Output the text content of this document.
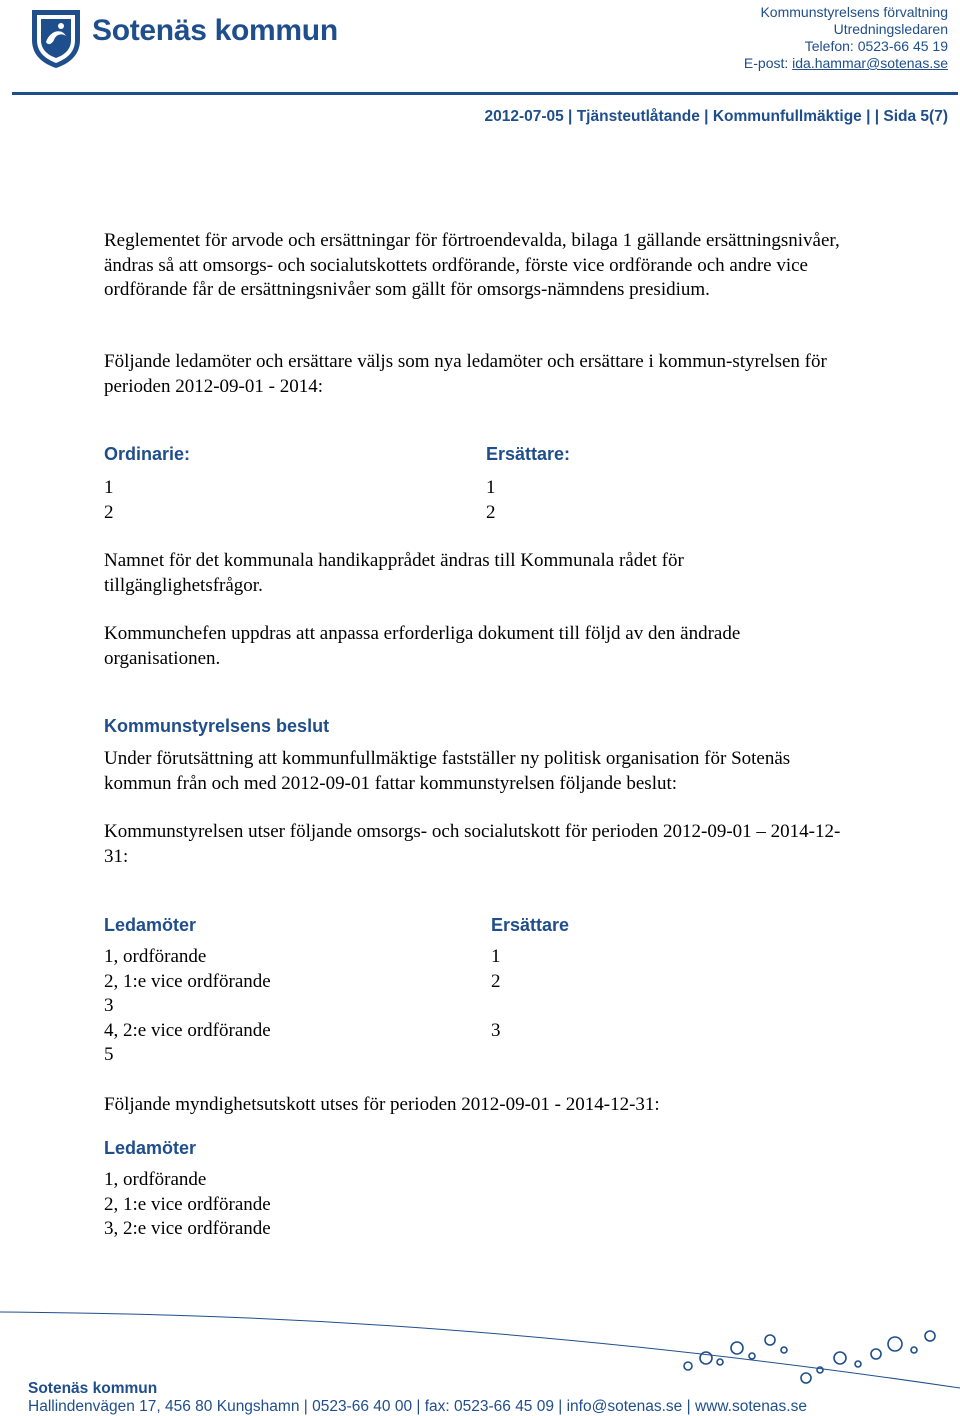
Sotenäs kommun
Kommunstyrelsens förvaltning
Utredningsledaren
Telefon: 0523-66 45 19
E-post: ida.hammar@sotenas.se
2012-07-05 | Tjänsteutlåtande | Kommunfullmäktige | | Sida 5(7)

Reglementet för arvode och ersättningar för förtroendevalda, bilaga 1 gällande ersättningsnivåer, ändras så att omsorgs- och socialutskottets ordförande, förste vice ordförande och andre vice ordförande får de ersättningsnivåer som gällt för omsorgs-nämndens presidium.

Följande ledamöter och ersättare väljs som nya ledamöter och ersättare i kommun-styrelsen för perioden 2012-09-01 - 2014:

Ordinarie:	Ersättare:
1
2
1
2

Namnet för det kommunala handikapprådet ändras till Kommunala rådet för tillgänglighetsfrågor.

Kommunchefen uppdras att anpassa erforderliga dokument till följd av den ändrade organisationen.

Kommunstyrelsens beslut

Under förutsättning att kommunfullmäktige fastställer ny politisk organisation för Sotenäs kommun från och med 2012-09-01 fattar kommunstyrelsen följande beslut:

Kommunstyrelsen utser följande omsorgs- och socialutskott för perioden 2012-09-01 – 2014-12-31:

Ledamöter	Ersättare
1, ordförande
2, 1:e vice ordförande
3
4, 2:e vice ordförande
5
1
2
3

Följande myndighetsutskott utses för perioden 2012-09-01 - 2014-12-31:

Ledamöter
1, ordförande
2, 1:e vice ordförande
3, 2:e vice ordförande
Sotenäs kommun
Hallindenvägen 17, 456 80 Kungshamn | 0523-66 40 00 | fax: 0523-66 45 09 | info@sotenas.se | www.sotenas.se
